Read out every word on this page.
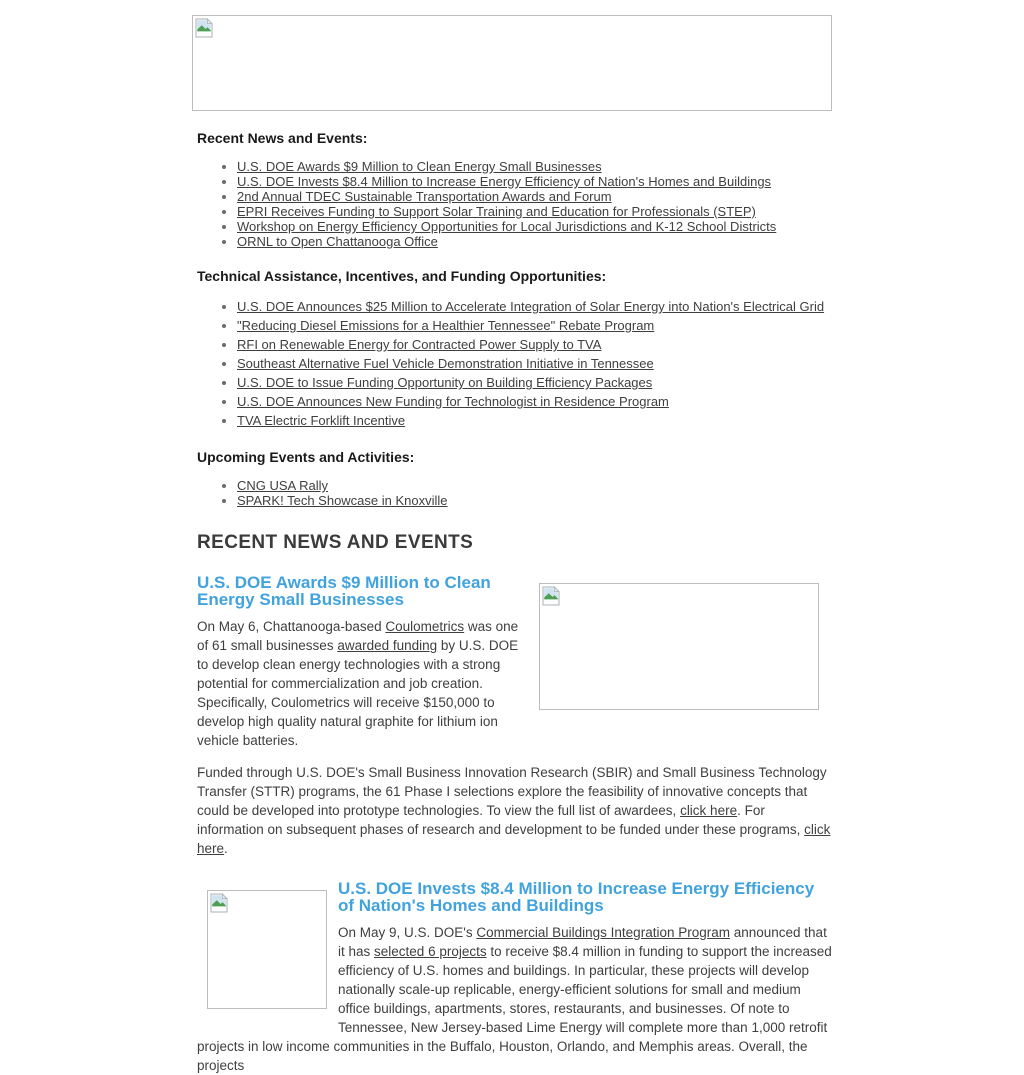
Recent News and Events:
• U.S. DOE Awards $9 Million to Clean Energy Small Businesses
• U.S. DOE Invests $8.4 Million to Increase Energy Efficiency of Nation's Homes and Buildings
• 2nd Annual TDEC Sustainable Transportation Awards and Forum
• EPRI Receives Funding to Support Solar Training and Education for Professionals (STEP)
• Workshop on Energy Efficiency Opportunities for Local Jurisdictions and K-12 School Districts
• ORNL to Open Chattanooga Office
Technical Assistance, Incentives, and Funding Opportunities:
• U.S. DOE Announces $25 Million to Accelerate Integration of Solar Energy into Nation's Electrical Grid
• "Reducing Diesel Emissions for a Healthier Tennessee" Rebate Program
• RFI on Renewable Energy for Contracted Power Supply to TVA
• Southeast Alternative Fuel Vehicle Demonstration Initiative in Tennessee
• U.S. DOE to Issue Funding Opportunity on Building Efficiency Packages
• U.S. DOE Announces New Funding for Technologist in Residence Program
• TVA Electric Forklift Incentive
Upcoming Events and Activities:
• CNG USA Rally
• SPARK! Tech Showcase in Knoxville
RECENT NEWS AND EVENTS
U.S. DOE Awards $9 Million to Clean Energy Small Businesses

On May 6, Chattanooga-based Coulometrics was one of 61 small businesses awarded funding by U.S. DOE to develop clean energy technologies with a strong potential for commercialization and job creation. Specifically, Coulometrics will receive $150,000 to develop high quality natural graphite for lithium ion vehicle batteries.

Funded through U.S. DOE's Small Business Innovation Research (SBIR) and Small Business Technology Transfer (STTR) programs, the 61 Phase I selections explore the feasibility of innovative concepts that could be developed into prototype technologies. To view the full list of awardees, click here. For information on subsequent phases of research and development to be funded under these programs, click here.

U.S. DOE Invests $8.4 Million to Increase Energy Efficiency of Nation's Homes and Buildings

On May 9, U.S. DOE's Commercial Buildings Integration Program announced that it has selected 6 projects to receive $8.4 million in funding to support the increased efficiency of U.S. homes and buildings. In particular, these projects will develop nationally scale-up replicable, energy-efficient solutions for small and medium office buildings, apartments, stores, restaurants, and businesses. Of note to Tennessee, New Jersey-based Lime Energy will complete more than 1,000 retrofit projects in low income communities in the Buffalo, Houston, Orlando, and Memphis areas. Overall, the projects
